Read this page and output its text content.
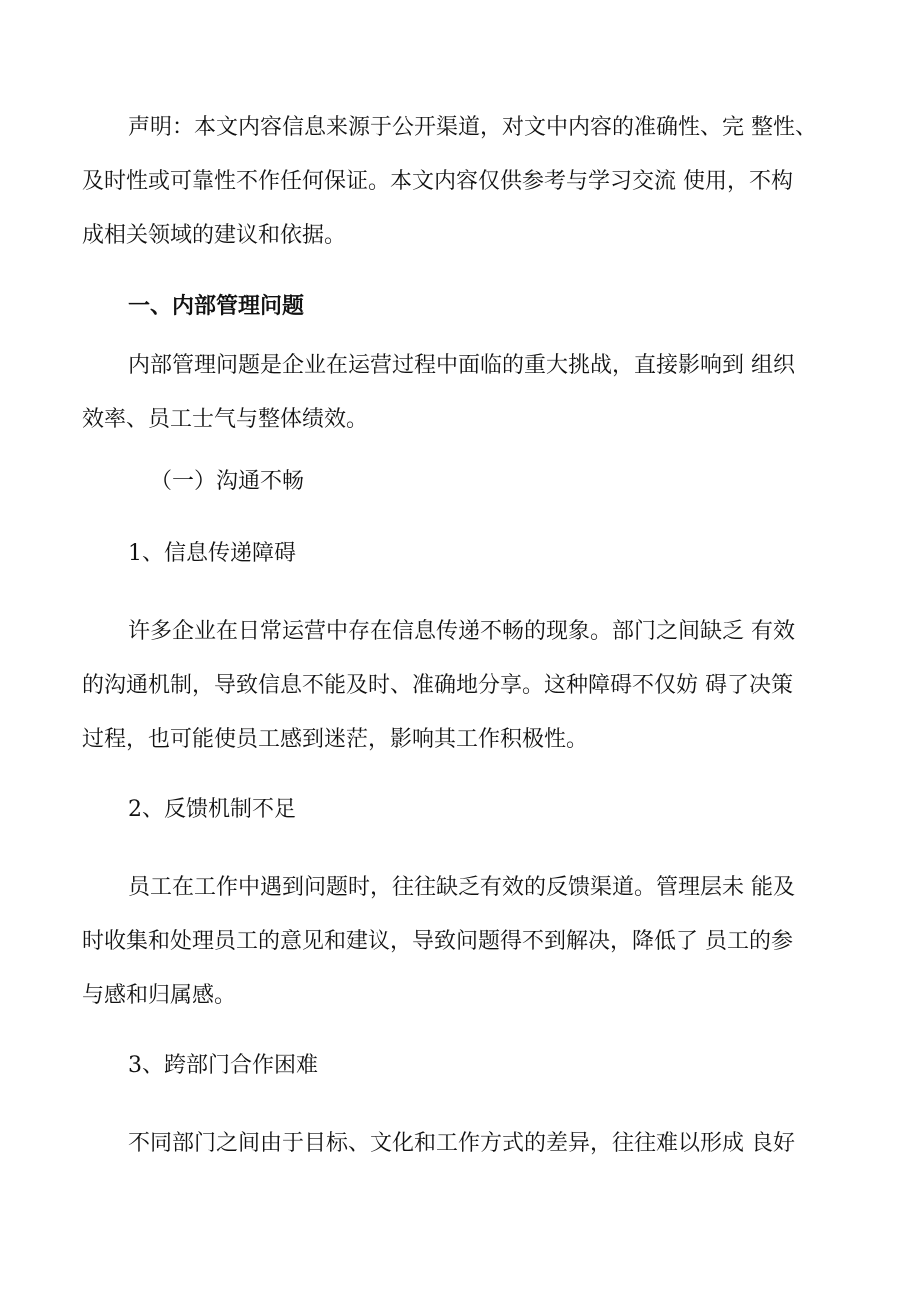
声明：本文内容信息来源于公开渠道，对文中内容的准确性、完 整性、

及时性或可靠性不作任何保证。本文内容仅供参考与学习交流 使用，不构

成相关领域的建议和依据。

一、内部管理问题

内部管理问题是企业在运营过程中面临的重大挑战，直接影响到 组织

效率、员工士气与整体绩效。

（一）沟通不畅

1、信息传递障碍

许多企业在日常运营中存在信息传递不畅的现象。部门之间缺乏 有效

的沟通机制，导致信息不能及时、准确地分享。这种障碍不仅妨 碍了决策

过程，也可能使员工感到迷茫，影响其工作积极性。

2、反馈机制不足

员工在工作中遇到问题时，往往缺乏有效的反馈渠道。管理层未 能及

时收集和处理员工的意见和建议，导致问题得不到解决，降低了 员工的参

与感和归属感。

3、跨部门合作困难

不同部门之间由于目标、文化和工作方式的差异，往往难以形成 良好
